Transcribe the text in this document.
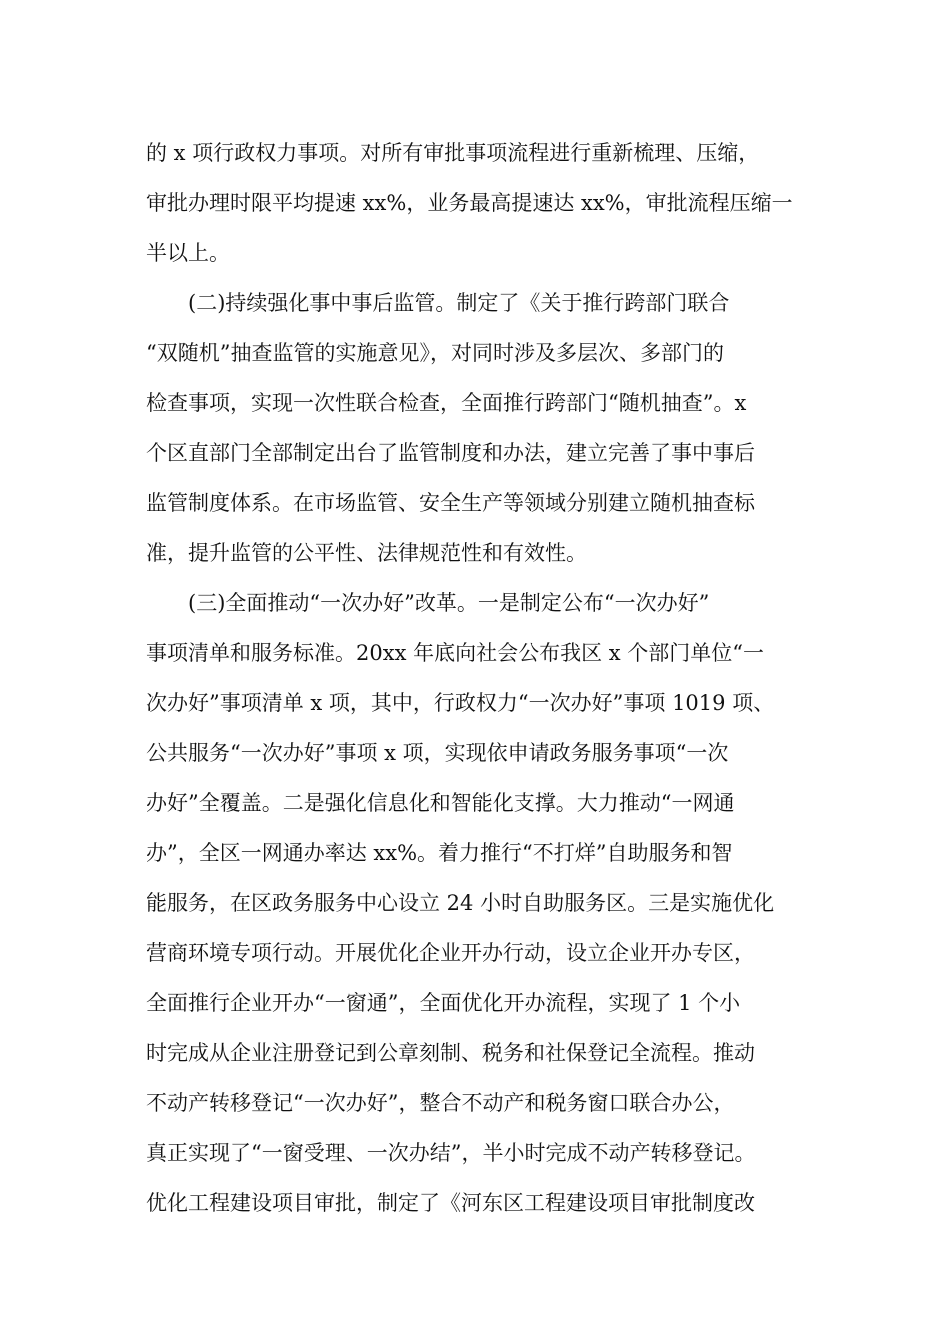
的 x 项行政权力事项。对所有审批事项流程进行重新梳理、压缩，
审批办理时限平均提速 xx%，业务最高提速达 xx%，审批流程压缩一
半以上。
(二)持续强化事中事后监管。制定了《关于推行跨部门联合
“双随机”抽查监管的实施意见》，对同时涉及多层次、多部门的
检查事项，实现一次性联合检查，全面推行跨部门“随机抽查”。x
个区直部门全部制定出台了监管制度和办法，建立完善了事中事后
监管制度体系。在市场监管、安全生产等领域分别建立随机抽查标
准，提升监管的公平性、法律规范性和有效性。
(三)全面推动“一次办好”改革。一是制定公布“一次办好”
事项清单和服务标准。20xx 年底向社会公布我区 x 个部门单位“一
次办好”事项清单 x 项，其中，行政权力“一次办好”事项 1019 项、
公共服务“一次办好”事项 x 项，实现依申请政务服务事项“一次
办好”全覆盖。二是强化信息化和智能化支撑。大力推动“一网通
办”，全区一网通办率达 xx%。着力推行“不打烊”自助服务和智
能服务，在区政务服务中心设立 24 小时自助服务区。三是实施优化
营商环境专项行动。开展优化企业开办行动，设立企业开办专区，
全面推行企业开办“一窗通”，全面优化开办流程，实现了 1 个小
时完成从企业注册登记到公章刻制、税务和社保登记全流程。推动
不动产转移登记“一次办好”，整合不动产和税务窗口联合办公，
真正实现了“一窗受理、一次办结”，半小时完成不动产转移登记。
优化工程建设项目审批，制定了《河东区工程建设项目审批制度改
